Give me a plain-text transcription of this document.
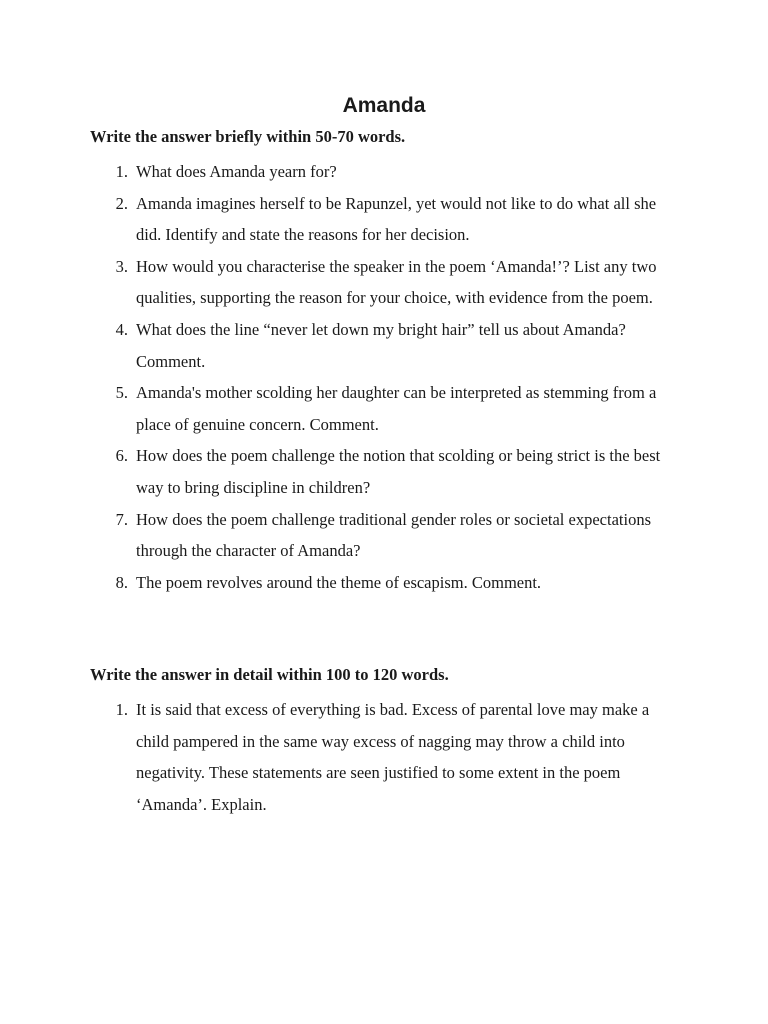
Amanda

Write the answer briefly within 50-70 words.

1. What does Amanda yearn for?
2. Amanda imagines herself to be Rapunzel, yet would not like to do what all she did. Identify and state the reasons for her decision.
3. How would you characterise the speaker in the poem ‘Amanda!’? List any two qualities, supporting the reason for your choice, with evidence from the poem.
4. What does the line “never let down my bright hair” tell us about Amanda? Comment.
5. Amanda's mother scolding her daughter can be interpreted as stemming from a place of genuine concern. Comment.
6. How does the poem challenge the notion that scolding or being strict is the best way to bring discipline in children?
7. How does the poem challenge traditional gender roles or societal expectations through the character of Amanda?
8. The poem revolves around the theme of escapism. Comment.

Write the answer in detail within 100 to 120 words.

1. It is said that excess of everything is bad. Excess of parental love may make a child pampered in the same way excess of nagging may throw a child into negativity. These statements are seen justified to some extent in the poem ‘Amanda’. Explain.
